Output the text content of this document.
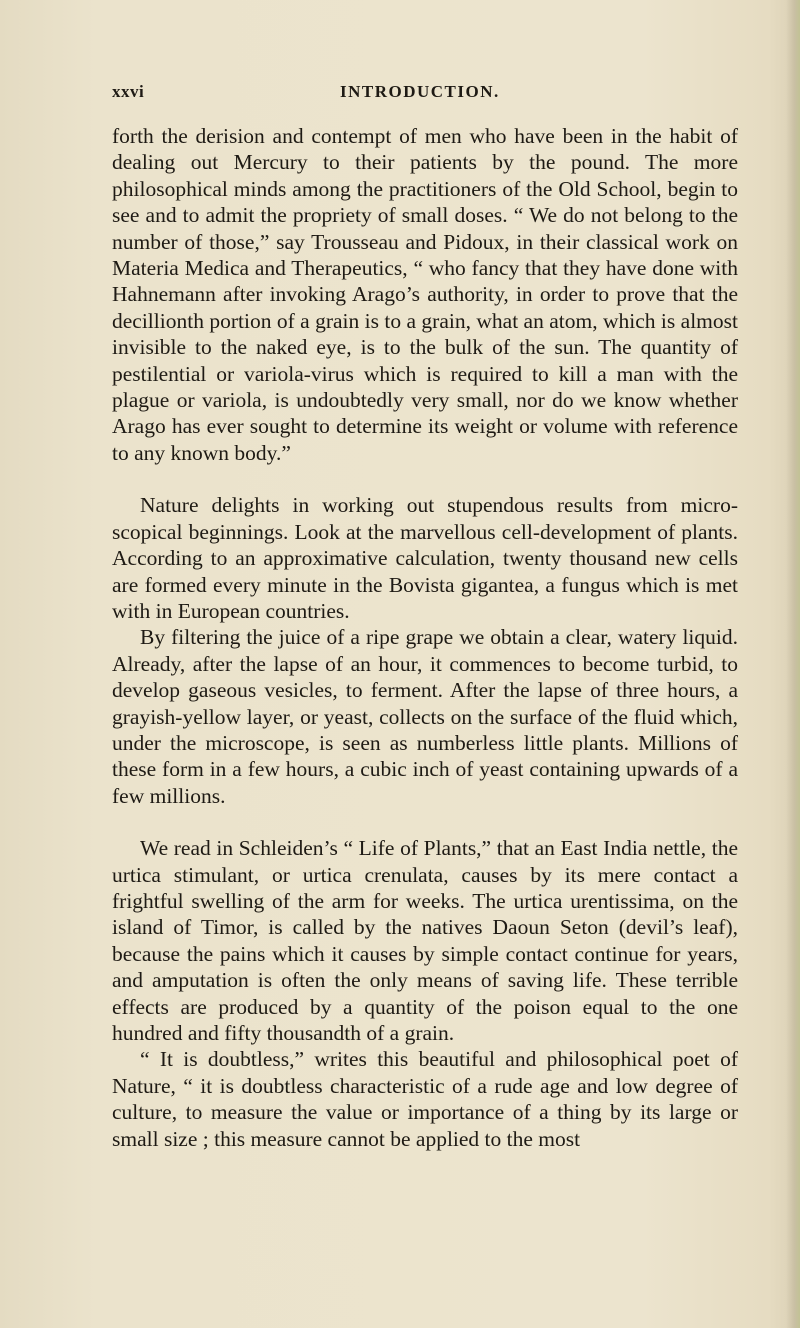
xxvi	INTRODUCTION.

forth the derision and contempt of men who have been in the habit of dealing out Mercury to their patients by the pound. The more philosophical minds among the practitioners of the Old School, begin to see and to admit the propriety of small doses. “ We do not belong to the number of those,” say Trousseau and Pidoux, in their classical work on Materia Medica and Therapeutics, “ who fancy that they have done with Hahnemann after invoking Arago’s authority, in order to prove that the decillionth portion of a grain is to a grain, what an atom, which is almost invisible to the naked eye, is to the bulk of the sun. The quantity of pestilential or variola-virus which is required to kill a man with the plague or variola, is undoubtedly very small, nor do we know whether Arago has ever sought to determine its weight or volume with reference to any known body.”

Nature delights in working out stupendous results from micro-scopical beginnings. Look at the marvellous cell-development of plants. According to an approximative calculation, twenty thousand new cells are formed every minute in the Bovista gigantea, a fungus which is met with in European countries.

By filtering the juice of a ripe grape we obtain a clear, watery liquid. Already, after the lapse of an hour, it commences to become turbid, to develop gaseous vesicles, to ferment. After the lapse of three hours, a grayish-yellow layer, or yeast, collects on the surface of the fluid which, under the microscope, is seen as numberless little plants. Millions of these form in a few hours, a cubic inch of yeast containing upwards of a few millions.

We read in Schleiden’s “ Life of Plants,” that an East India nettle, the urtica stimulant, or urtica crenulata, causes by its mere contact a frightful swelling of the arm for weeks. The urtica urentissima, on the island of Timor, is called by the natives Daoun Seton (devil’s leaf), because the pains which it causes by simple contact continue for years, and amputation is often the only means of saving life. These terrible effects are produced by a quantity of the poison equal to the one hundred and fifty thousandth of a grain.

“ It is doubtless,” writes this beautiful and philosophical poet of Nature, “ it is doubtless characteristic of a rude age and low degree of culture, to measure the value or importance of a thing by its large or small size ; this measure cannot be applied to the most
